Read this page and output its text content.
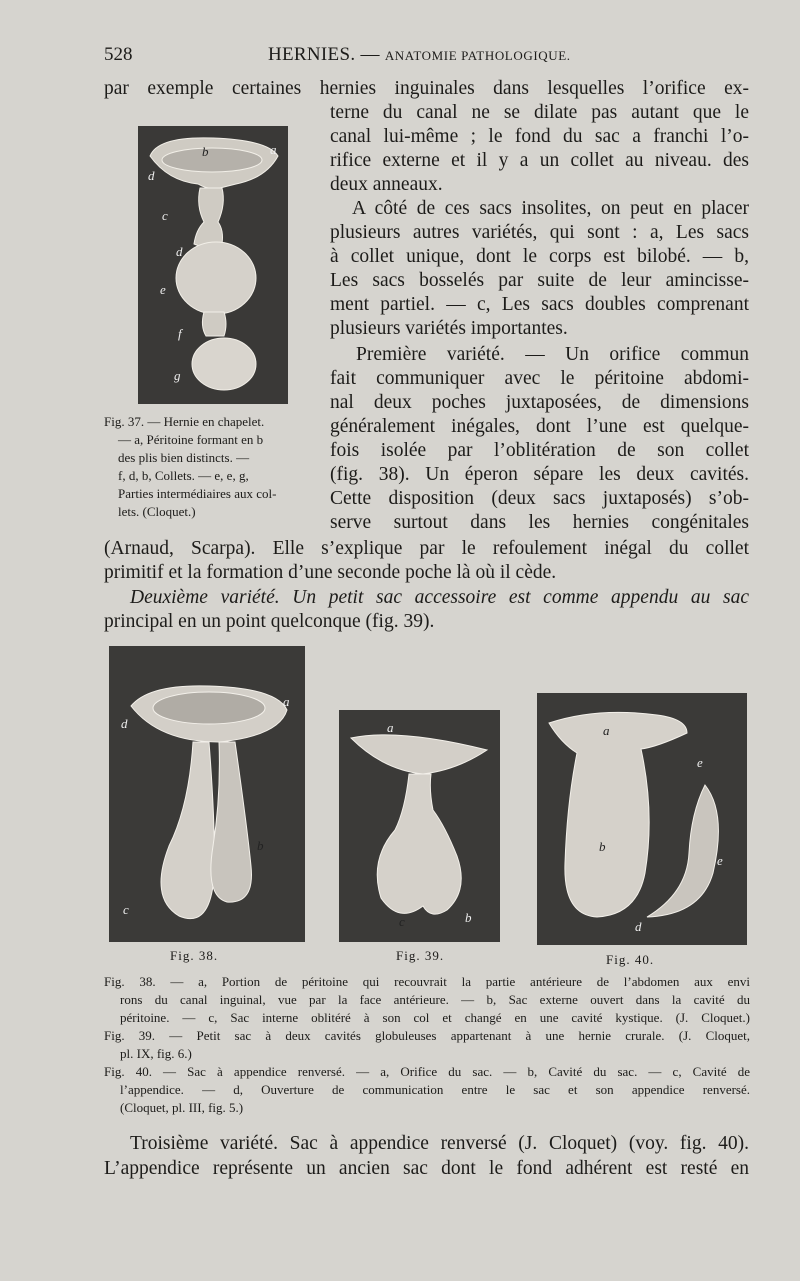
528	HERNIES. — ANATOMIE PATHOLOGIQUE.
par exemple certaines hernies inguinales dans lesquelles l’orifice ex-
terne du canal ne se dilate pas autant que le
canal lui-même ; le fond du sac a franchi l’o-
rifice externe et il y a un collet au niveau. des
deux anneaux.
A côté de ces sacs insolites, on peut en placer
plusieurs autres variétés, qui sont : a, Les sacs
à collet unique, dont le corps est bilobé. — b,
Les sacs bosselés par suite de leur amincisse-
ment partiel. — c, Les sacs doubles comprenant
plusieurs variétés importantes.
Première variété. — Un orifice commun
fait communiquer avec le péritoine abdomi-
nal deux poches juxtaposées, de dimensions
généralement inégales, dont l’une est quelque-
fois isolée par l’oblitération de son collet
(fig. 38). Un éperon sépare les deux cavités.
Cette disposition (deux sacs juxtaposés) s’ob-
serve surtout dans les hernies congénitales
(Arnaud, Scarpa). Elle s’explique par le refoulement inégal du collet
primitif et la formation d’une seconde poche là où il cède.
Deuxième variété. Un petit sac accessoire est comme appendu au sac
principal en un point quelconque (fig. 39).
b	a
d
c
d
e
f
g
Fig. 37. — Hernie en chapelet.
— a, Péritoine formant en b
des plis bien distincts. —
f, d, b, Collets. — e, e, g,
Parties intermédiaires aux col-
lets. (Cloquet.)
a
d
b
c
Fig. 38.
a
c	b
Fig. 39.
a
e
b
e
d
Fig. 40.
Fig. 38. — a, Portion de péritoine qui recouvrait la partie antérieure de l’abdomen aux envi
rons du canal inguinal, vue par la face antérieure. — b, Sac externe ouvert dans la cavité du
péritoine. — c, Sac interne oblitéré à son col et changé en une cavité kystique. (J. Cloquet.)
Fig. 39. — Petit sac à deux cavités globuleuses appartenant à une hernie crurale. (J. Cloquet,
pl. IX, fig. 6.)
Fig. 40. — Sac à appendice renversé. — a, Orifice du sac. — b, Cavité du sac. — c, Cavité de
l’appendice. — d, Ouverture de communication entre le sac et son appendice renversé.
(Cloquet, pl. III, fig. 5.)
Troisième variété. Sac à appendice renversé (J. Cloquet) (voy. fig. 40).
L’appendice représente un ancien sac dont le fond adhérent est resté en
